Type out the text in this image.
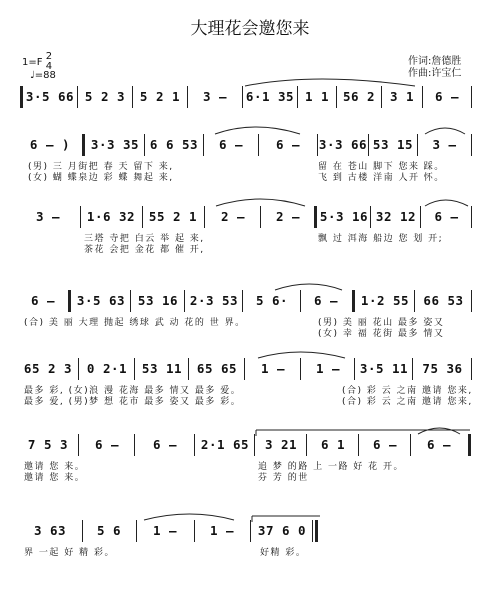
大理花会邀您来
作词:詹德胜
作曲:许宝仁
1=F 2
4
♩=88
3·5 66 5 2 3	5 2 1	3 –	6·1 35 1 1	56 2	3 1	6 –
6 – )	3·3 35 6 6 53	6 –	6 –	3·3 66 53 15	3 –
(男) 三 月街把 春 天 留下 来,	留 在 苍山 脚下 您来 踩。
(女) 蝴 蝶泉边 彩 蝶 舞起 来,	飞 到 古楼 洋南 人开 怀。
3 –	1·6 32	55 2 1	2 –	2 –	5·3 16 32 12	6 –
三塔 寺把 白云 举 起 来,	飘 过 洱海 船边 您 划 开;
茶花 会把 金花 都 催 开,
6 –	3·5 63	53 16 2·3 53	5 6·	6 –	1·2 55	66 53
(合) 美 丽 大理 抛起 绣球 武 动 花的 世 界。	(男) 美 丽 花山 最多 姿又
(女) 幸 福 花街 最多 情又
65 2 3	0 2·1	53 11	65 65	1 –	1 –	3·5 11	75 36
最多 彩, (女)浪 漫 花海 最多 情又 最多 爱。	(合) 彩 云 之南 邀请 您来,
最多 爱, (男)梦 想 花市 最多 姿又 最多 彩。	(合) 彩 云 之南 邀请 您来,
7 5 3	6 –	6 –	2·1 65	3 21	6 1	6 –	6 –
邀请 您 来。	追 梦 的路 上 一路 好 花 开。
邀请 您 来。	芬 芳 的世
3 63	5 6	1 –	1 –	37 6 0
界 一起 好 精 彩。	好精 彩。
